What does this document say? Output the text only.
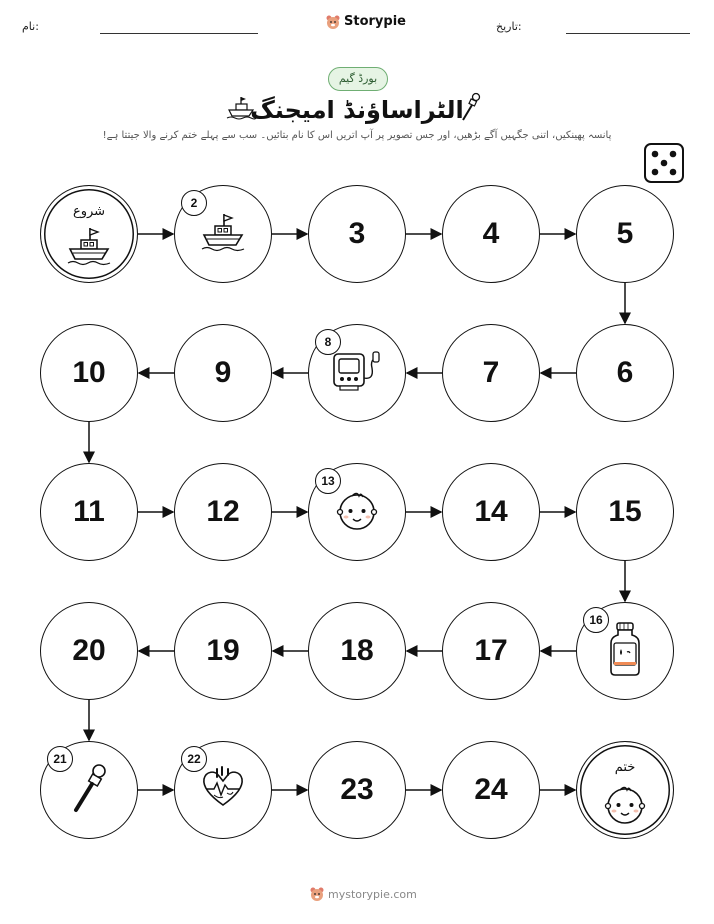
نام:	Storypie	تاریخ:
بورڈ گیم
الٹراساؤنڈ امیجنگ
پانسہ پھینکیں، اتنی جگہیں آگے بڑھیں، اور جس تصویر پر آپ اتریں اس کا نام بتائیں۔ سب سے پہلے ختم کرنے والا جیتتا ہے!
شروع
2
3	4	5
6
7
8
9
10
11	12
13
14	15
16
17
18
19
20
21	22
23	24
ختم
mystorypie.com
